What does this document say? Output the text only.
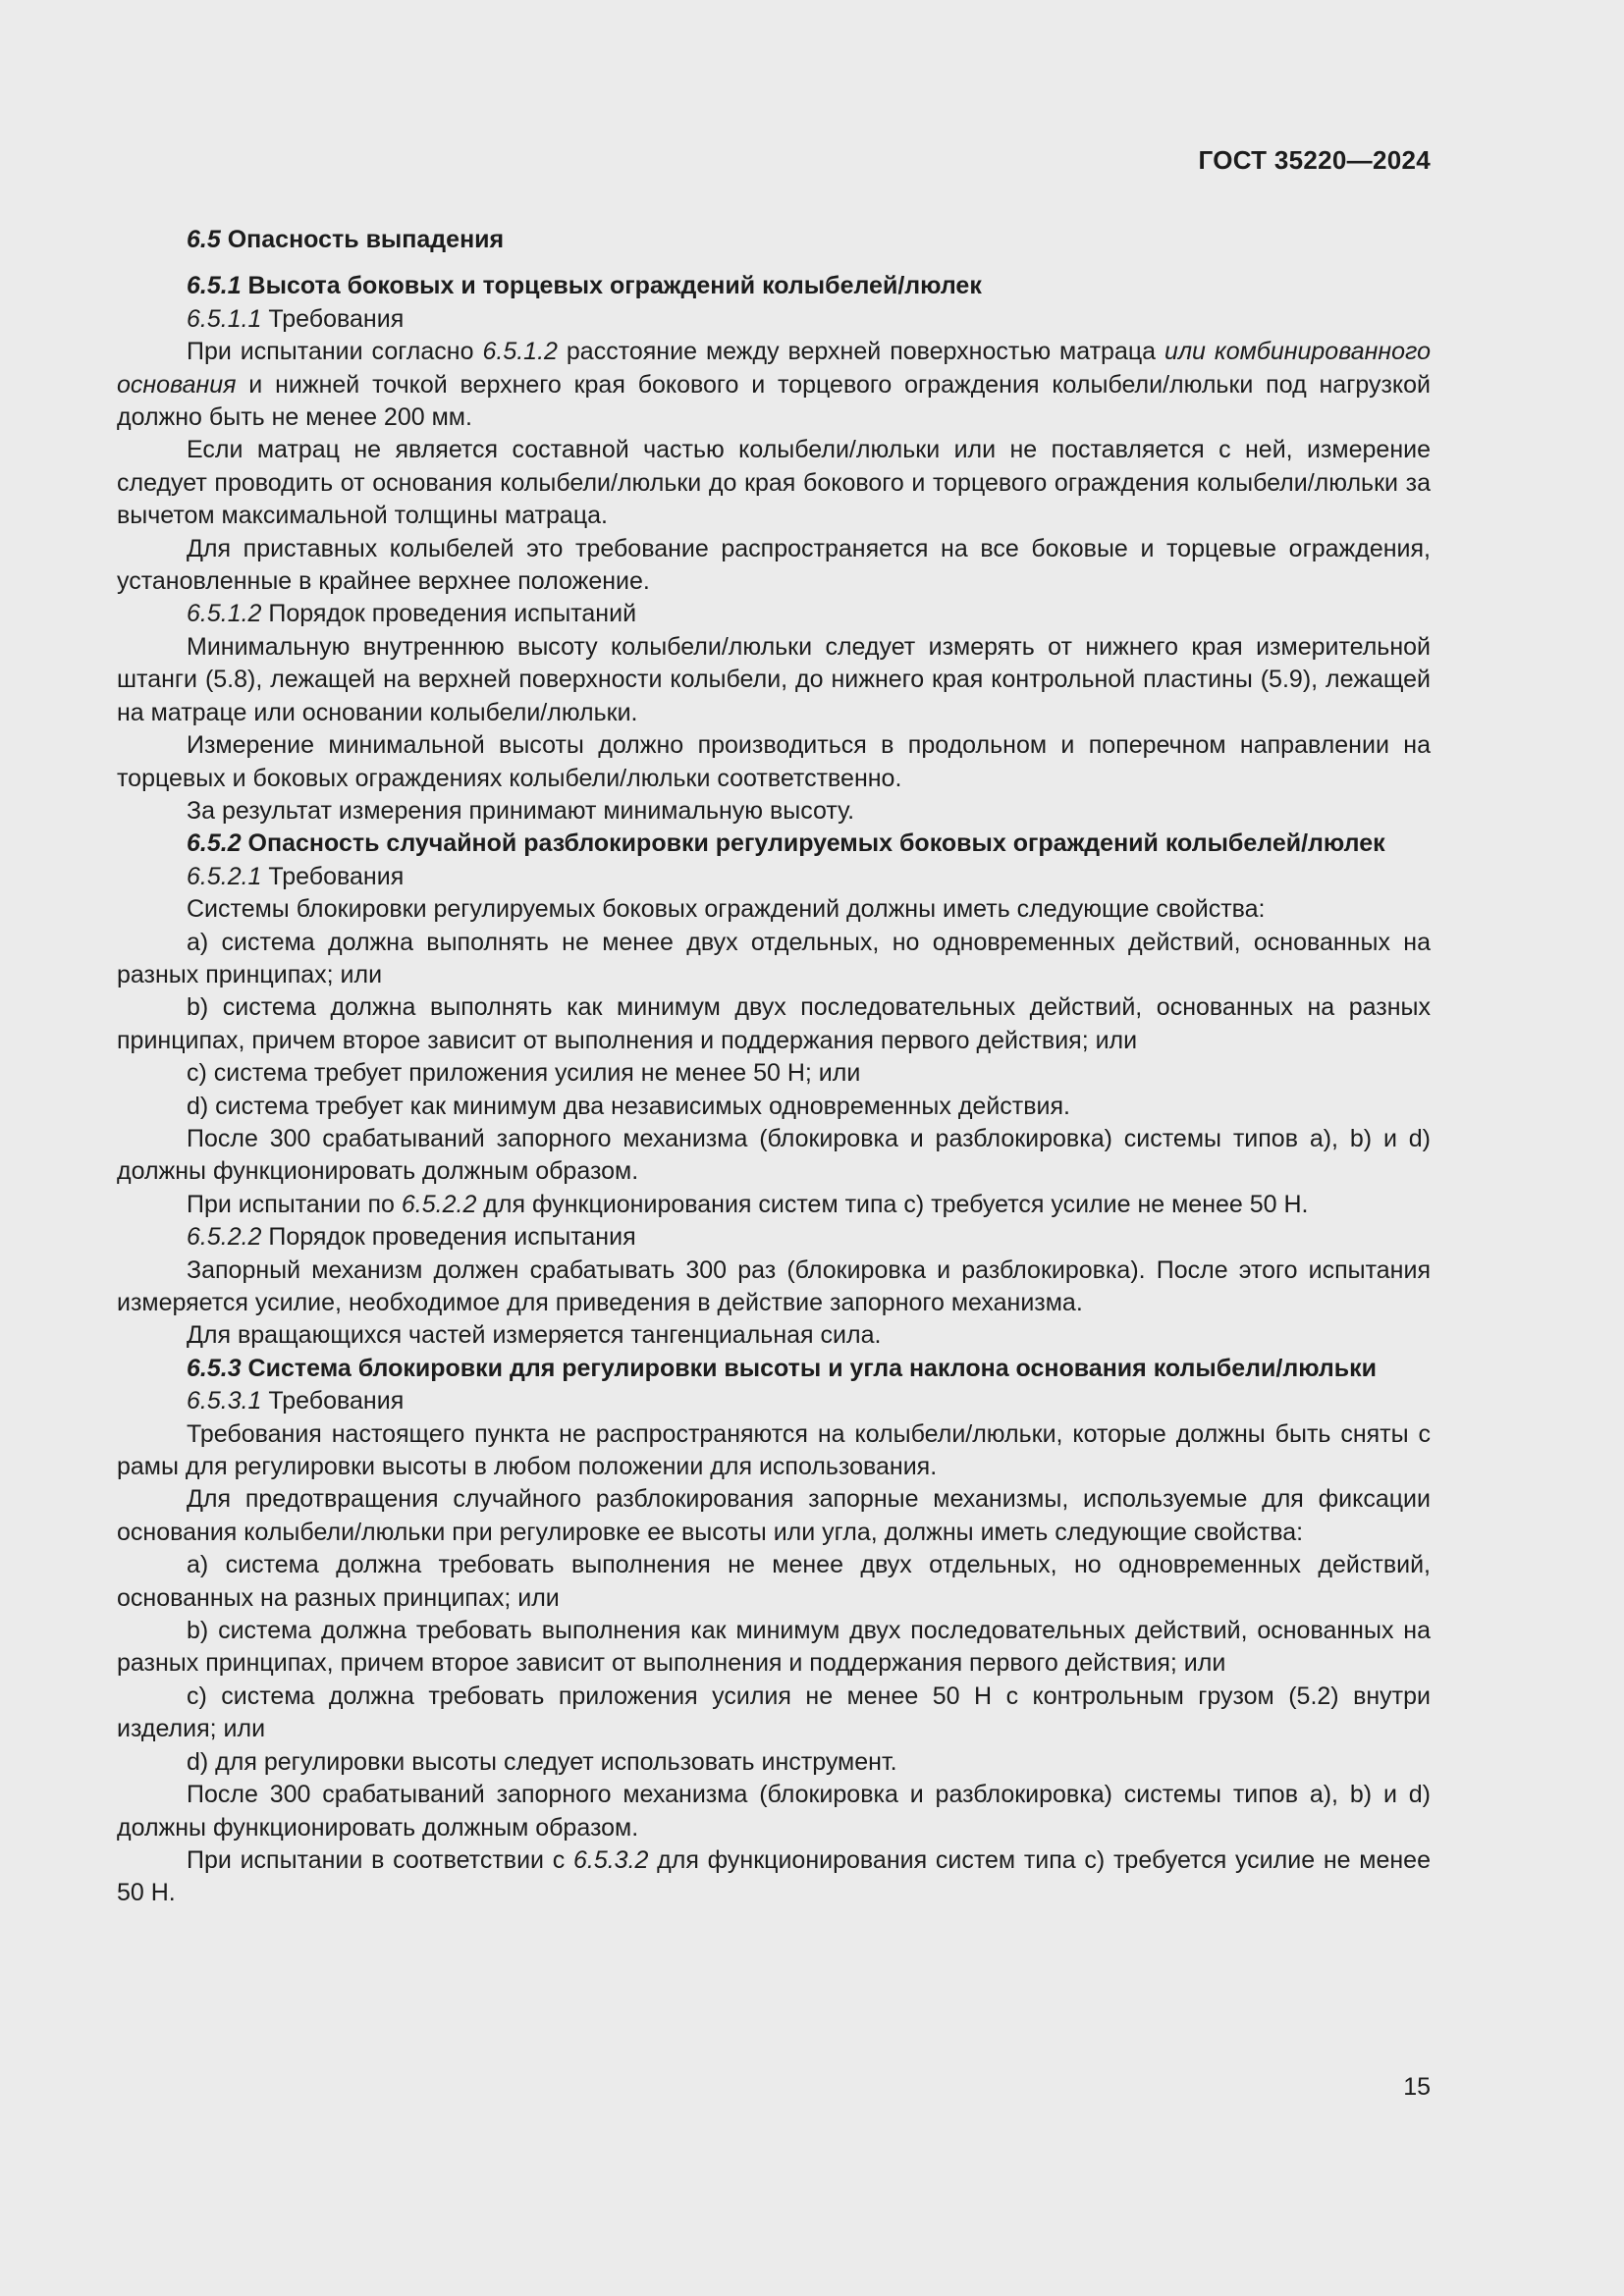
ГОСТ 35220—2024

6.5 Опасность выпадения

6.5.1 Высота боковых и торцевых ограждений колыбелей/люлек

6.5.1.1 Требования

При испытании согласно 6.5.1.2 расстояние между верхней поверхностью матраца или комбинированного основания и нижней точкой верхнего края бокового и торцевого ограждения колыбели/люльки под нагрузкой должно быть не менее 200 мм.

Если матрац не является составной частью колыбели/люльки или не поставляется с ней, измерение следует проводить от основания колыбели/люльки до края бокового и торцевого ограждения колыбели/люльки за вычетом максимальной толщины матраца.

Для приставных колыбелей это требование распространяется на все боковые и торцевые ограждения, установленные в крайнее верхнее положение.

6.5.1.2 Порядок проведения испытаний

Минимальную внутреннюю высоту колыбели/люльки следует измерять от нижнего края измерительной штанги (5.8), лежащей на верхней поверхности колыбели, до нижнего края контрольной пластины (5.9), лежащей на матраце или основании колыбели/люльки.

Измерение минимальной высоты должно производиться в продольном и поперечном направлении на торцевых и боковых ограждениях колыбели/люльки соответственно.

За результат измерения принимают минимальную высоту.

6.5.2 Опасность случайной разблокировки регулируемых боковых ограждений колыбелей/люлек

6.5.2.1 Требования

Системы блокировки регулируемых боковых ограждений должны иметь следующие свойства:

a) система должна выполнять не менее двух отдельных, но одновременных действий, основанных на разных принципах; или

b) система должна выполнять как минимум двух последовательных действий, основанных на разных принципах, причем второе зависит от выполнения и поддержания первого действия; или

c) система требует приложения усилия не менее 50 Н; или

d) система требует как минимум два независимых одновременных действия.

После 300 срабатываний запорного механизма (блокировка и разблокировка) системы типов a), b) и d) должны функционировать должным образом.

При испытании по 6.5.2.2 для функционирования систем типа c) требуется усилие не менее 50 Н.

6.5.2.2 Порядок проведения испытания

Запорный механизм должен срабатывать 300 раз (блокировка и разблокировка). После этого испытания измеряется усилие, необходимое для приведения в действие запорного механизма.

Для вращающихся частей измеряется тангенциальная сила.

6.5.3 Система блокировки для регулировки высоты и угла наклона основания колыбели/люльки

6.5.3.1 Требования

Требования настоящего пункта не распространяются на колыбели/люльки, которые должны быть сняты с рамы для регулировки высоты в любом положении для использования.

Для предотвращения случайного разблокирования запорные механизмы, используемые для фиксации основания колыбели/люльки при регулировке ее высоты или угла, должны иметь следующие свойства:

a) система должна требовать выполнения не менее двух отдельных, но одновременных действий, основанных на разных принципах; или

b) система должна требовать выполнения как минимум двух последовательных действий, основанных на разных принципах, причем второе зависит от выполнения и поддержания первого действия; или

c) система должна требовать приложения усилия не менее 50 Н с контрольным грузом (5.2) внутри изделия; или

d) для регулировки высоты следует использовать инструмент.

После 300 срабатываний запорного механизма (блокировка и разблокировка) системы типов a), b) и d) должны функционировать должным образом.

При испытании в соответствии с 6.5.3.2 для функционирования систем типа c) требуется усилие не менее 50 Н.

15
